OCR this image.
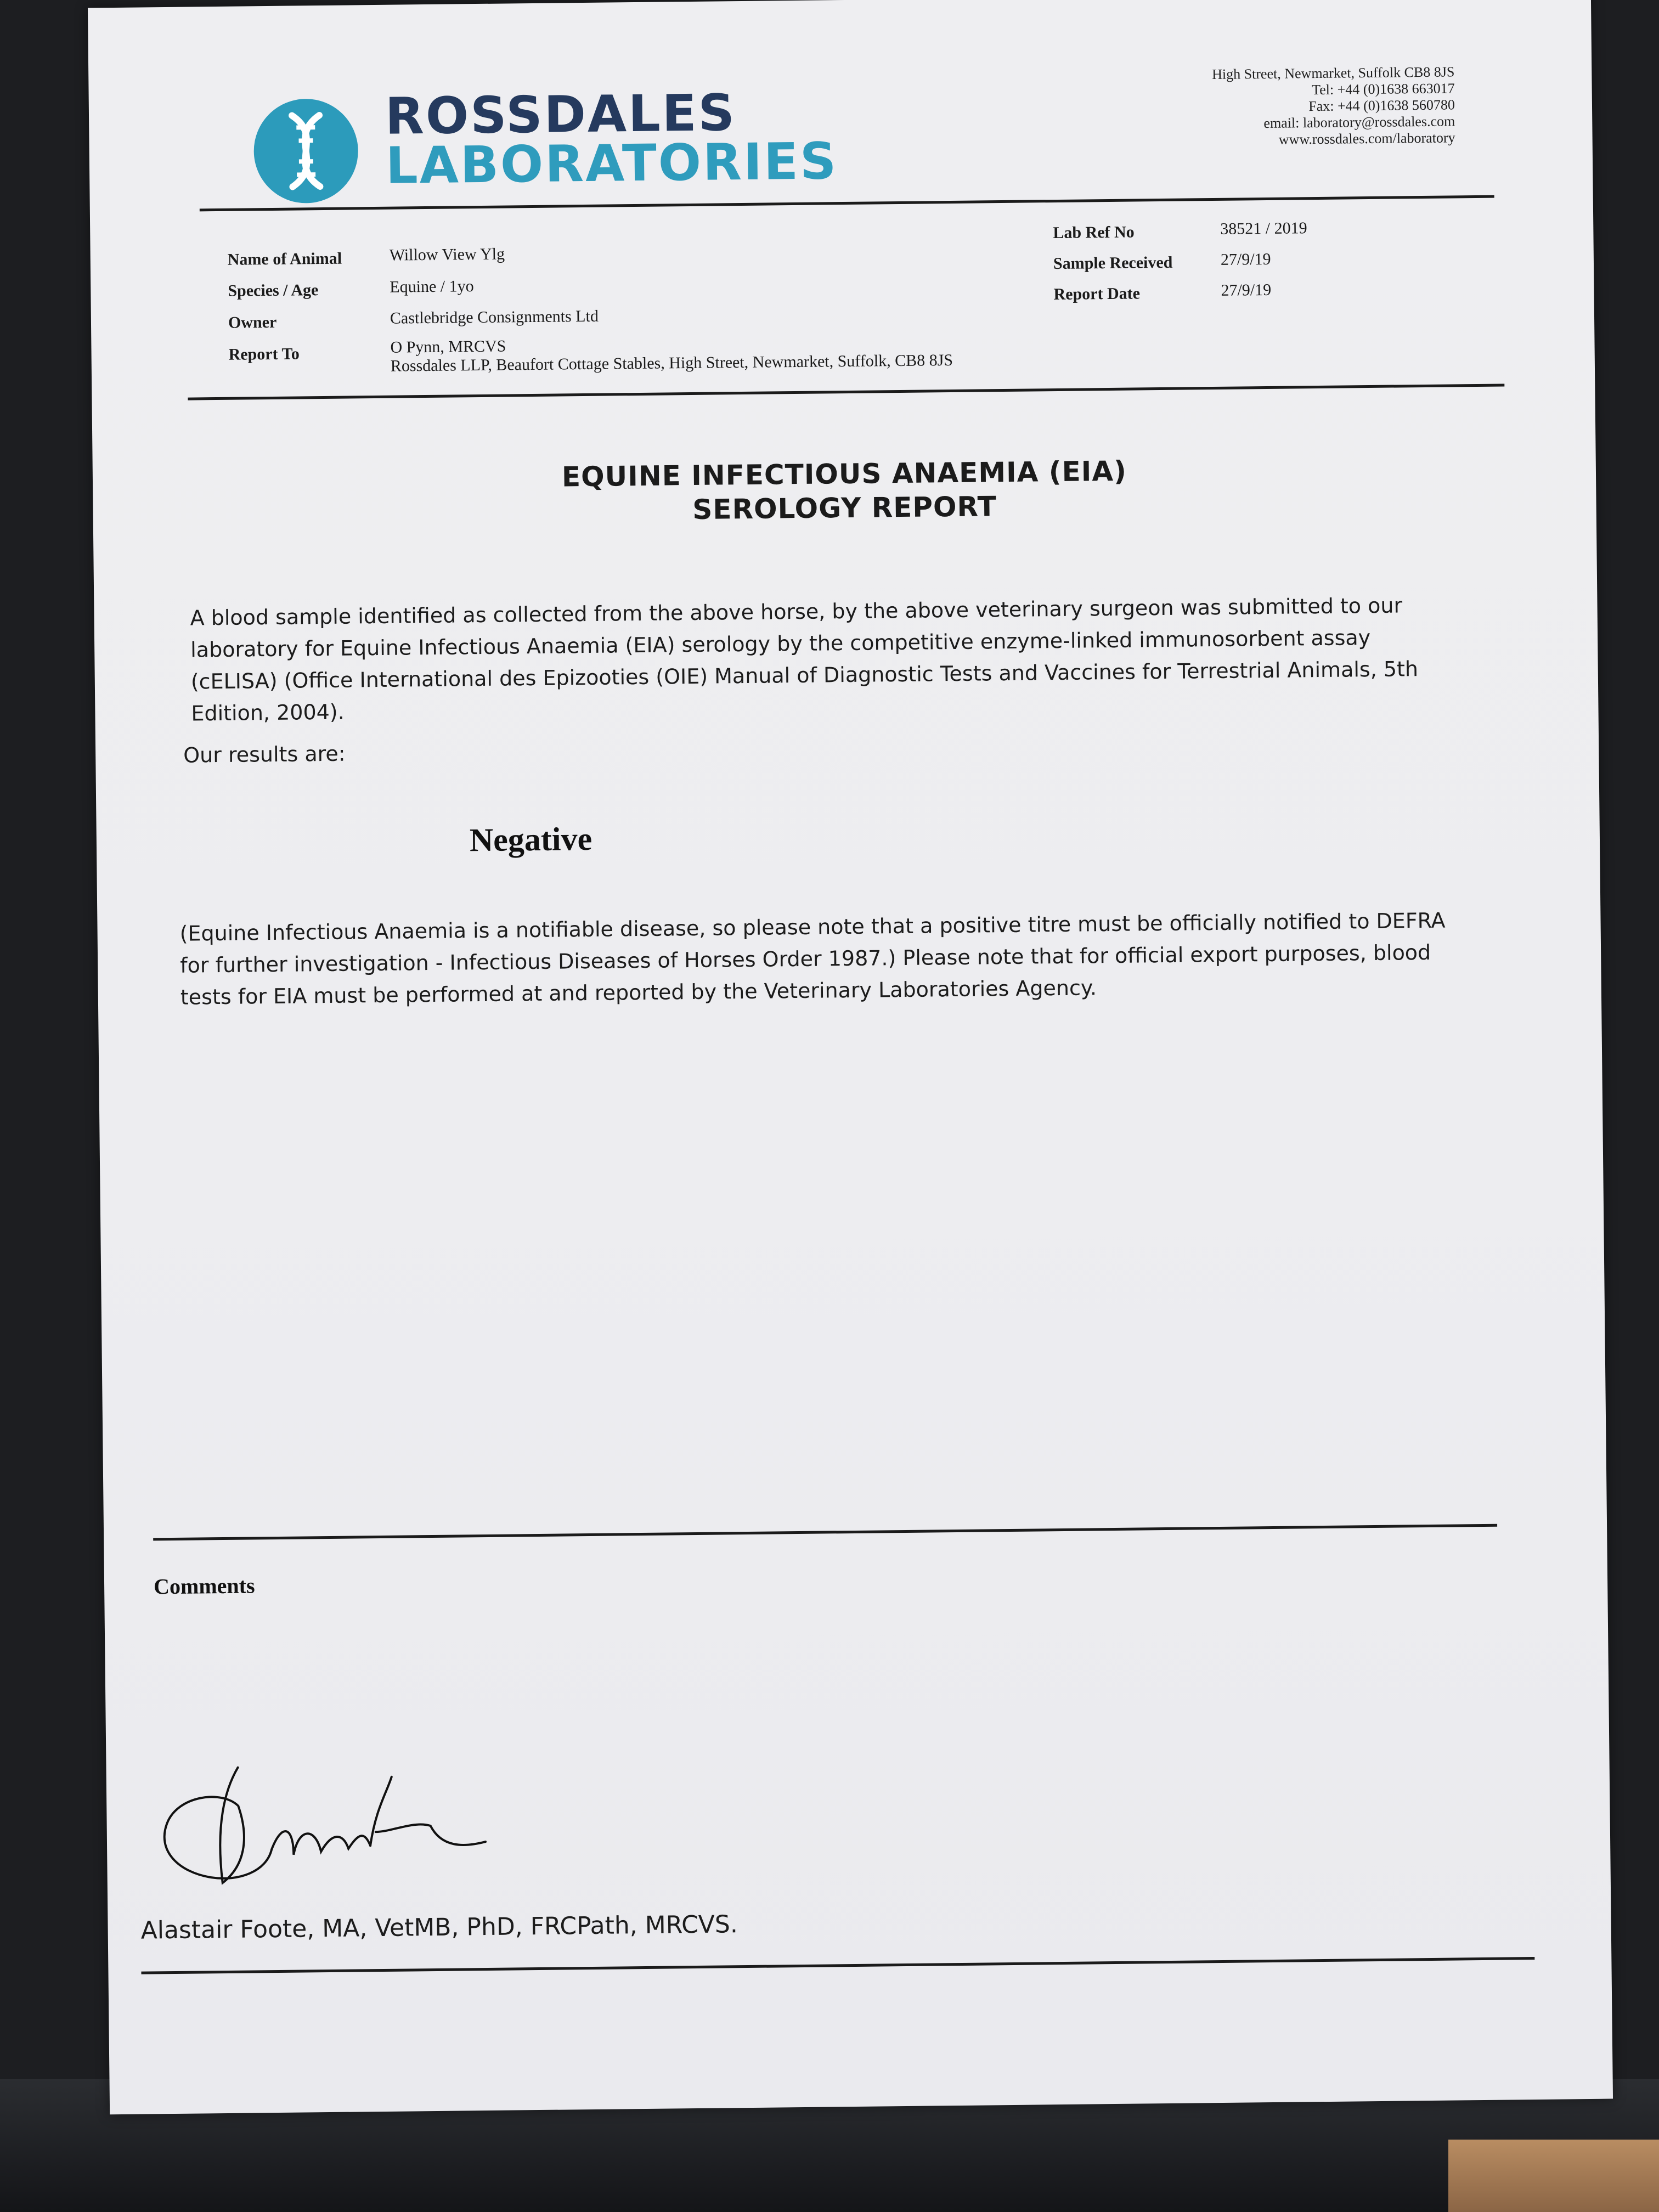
ROSSDALES
LABORATORIES
High Street, Newmarket, Suffolk CB8 8JS
Tel: +44 (0)1638 663017
Fax: +44 (0)1638 560780
email: laboratory@rossdales.com
www.rossdales.com/laboratory
Name of Animal	Willow View Ylg
Species / Age	Equine / 1yo
Owner	Castlebridge Consignments Ltd
Report To	O Pynn, MRCVS
Rossdales LLP, Beaufort Cottage Stables, High Street, Newmarket, Suffolk, CB8 8JS
Lab Ref No	38521 / 2019
Sample Received	27/9/19
Report Date	27/9/19
EQUINE INFECTIOUS ANAEMIA (EIA)
SEROLOGY REPORT
A blood sample identified as collected from the above horse, by the above veterinary surgeon was submitted to our laboratory for Equine Infectious Anaemia (EIA) serology by the competitive enzyme-linked immunosorbent assay (cELISA) (Office International des Epizooties (OIE) Manual of Diagnostic Tests and Vaccines for Terrestrial Animals, 5th Edition, 2004).
Our results are:
Negative
(Equine Infectious Anaemia is a notifiable disease, so please note that a positive titre must be officially notified to DEFRA for further investigation - Infectious Diseases of Horses Order 1987.) Please note that for official export purposes, blood tests for EIA must be performed at and reported by the Veterinary Laboratories Agency.
Comments
Alastair Foote, MA, VetMB, PhD, FRCPath, MRCVS.
